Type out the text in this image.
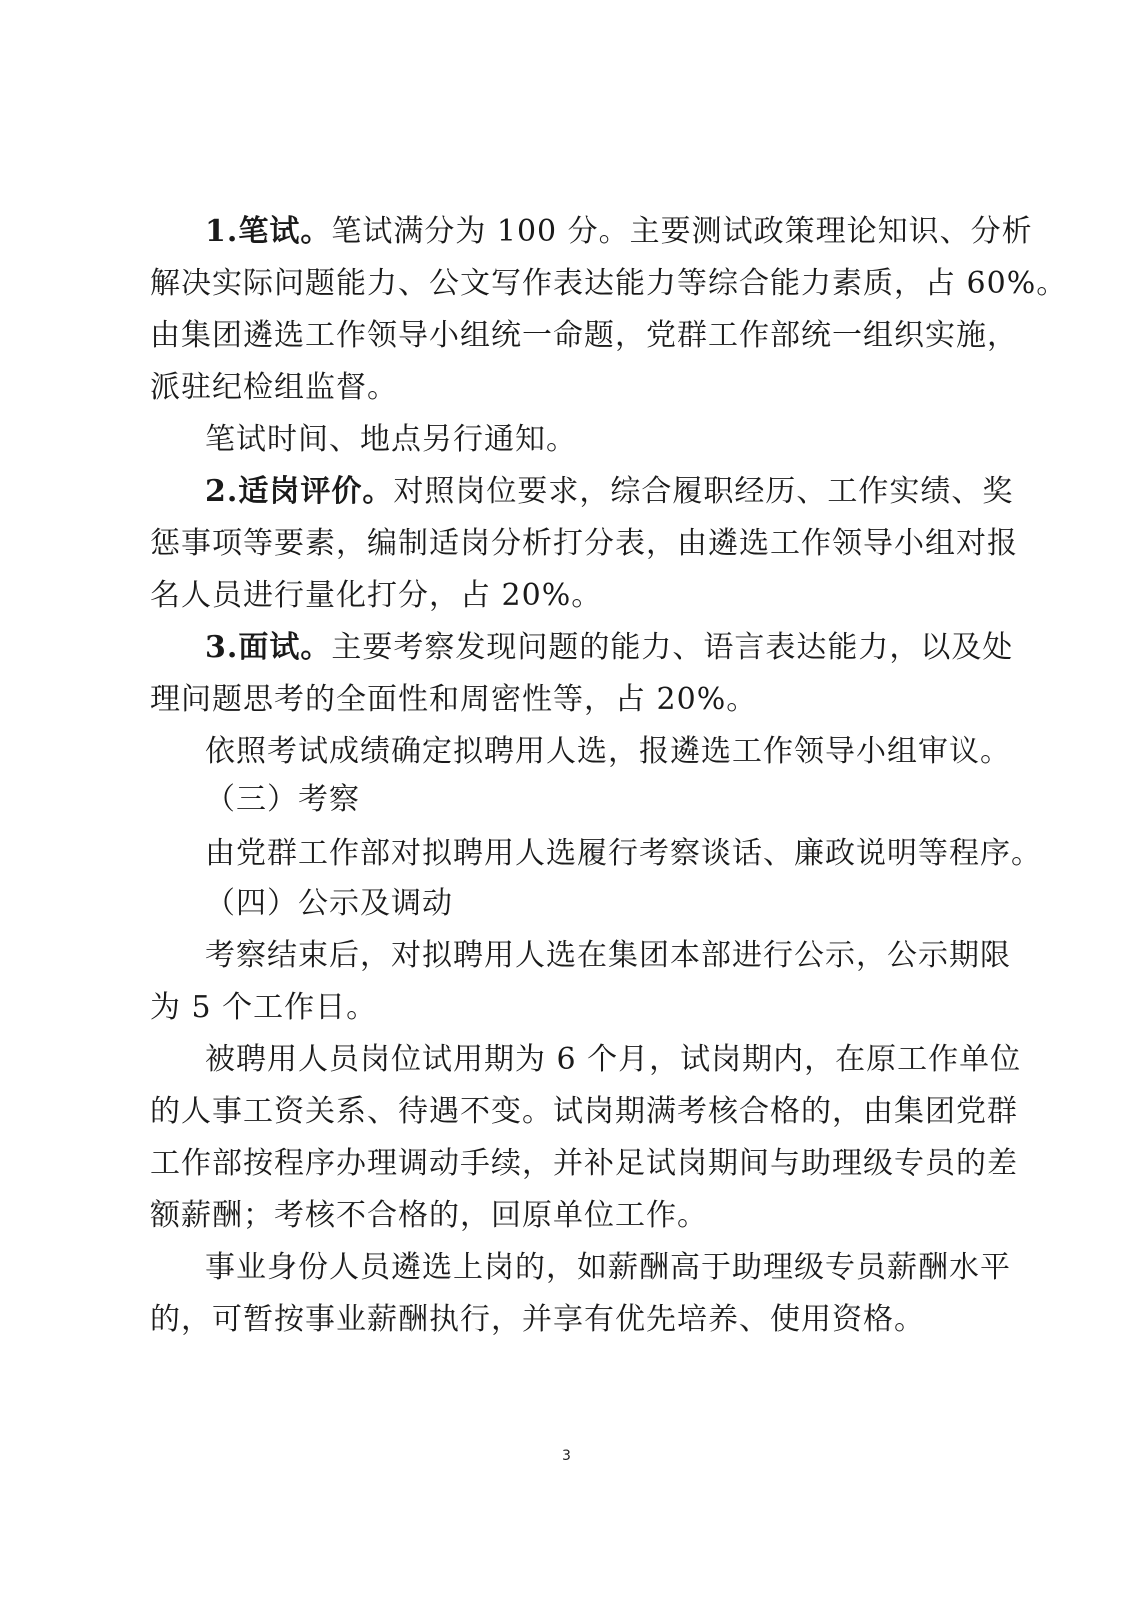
1.笔试。笔试满分为 100 分。主要测试政策理论知识、分析
解决实际问题能力、公文写作表达能力等综合能力素质，占 60%。
由集团遴选工作领导小组统一命题，党群工作部统一组织实施，
派驻纪检组监督。
笔试时间、地点另行通知。
2.适岗评价。对照岗位要求，综合履职经历、工作实绩、奖
惩事项等要素，编制适岗分析打分表，由遴选工作领导小组对报
名人员进行量化打分，占 20%。
3.面试。主要考察发现问题的能力、语言表达能力，以及处
理问题思考的全面性和周密性等，占 20%。
依照考试成绩确定拟聘用人选，报遴选工作领导小组审议。
（三）考察
由党群工作部对拟聘用人选履行考察谈话、廉政说明等程序。
（四）公示及调动
考察结束后，对拟聘用人选在集团本部进行公示，公示期限
为 5 个工作日。
被聘用人员岗位试用期为 6 个月，试岗期内，在原工作单位
的人事工资关系、待遇不变。试岗期满考核合格的，由集团党群
工作部按程序办理调动手续，并补足试岗期间与助理级专员的差
额薪酬；考核不合格的，回原单位工作。
事业身份人员遴选上岗的，如薪酬高于助理级专员薪酬水平
的，可暂按事业薪酬执行，并享有优先培养、使用资格。
3
